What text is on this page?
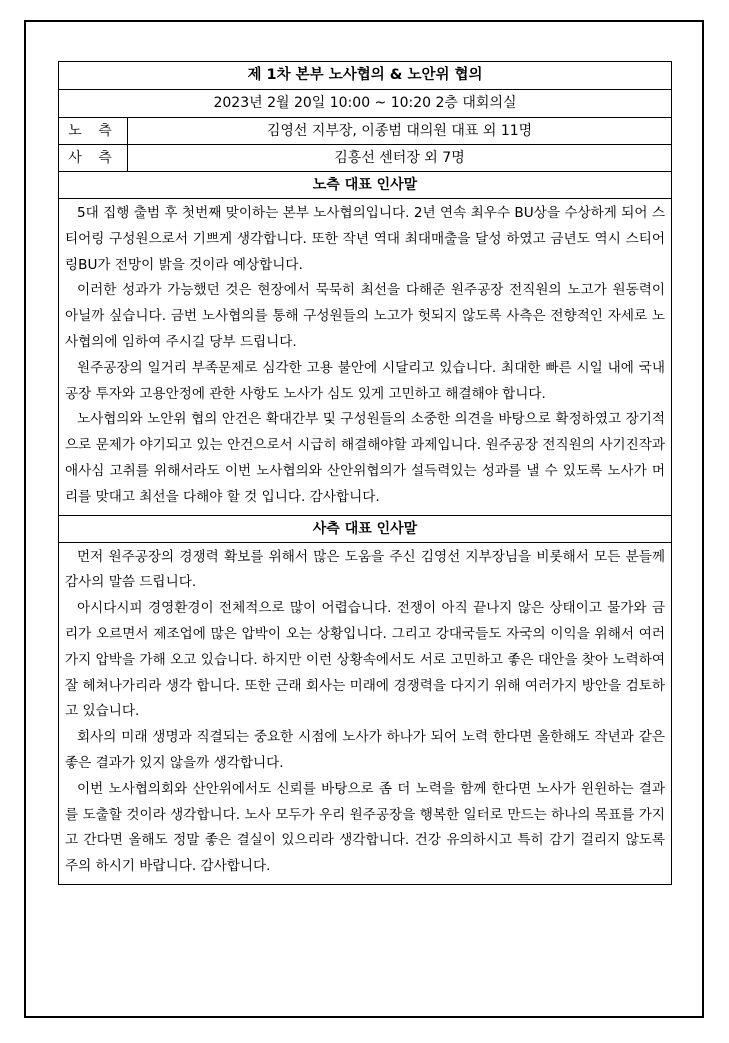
제 1차 본부 노사협의 & 노안위 협의	
2023년 2월 20일 10:00 ~ 10:20 2층 대회의실	
노 측	김영선 지부장, 이종범 대의원 대표 외 11명
사 측	김흥선 센터장 외 7명
노측 대표 인사말	

5대 집행 출범 후 첫번째 맞이하는 본부 노사협의입니다. 2년 연속 최우수 BU상을 수상하게 되어 스티어링 구성원으로서 기쁘게 생각합니다. 또한 작년 역대 최대매출을 달성 하였고 금년도 역시 스티어링BU가 전망이 밝을 것이라 예상합니다.

이러한 성과가 가능했던 것은 현장에서 묵묵히 최선을 다해준 원주공장 전직원의 노고가 원동력이 아닐까 싶습니다. 금번 노사협의를 통해 구성원들의 노고가 헛되지 않도록 사측은 전향적인 자세로 노사협의에 임하여 주시길 당부 드립니다.

원주공장의 일거리 부족문제로 심각한 고용 불안에 시달리고 있습니다. 최대한 빠른 시일 내에 국내공장 투자와 고용안정에 관한 사항도 노사가 심도 있게 고민하고 해결해야 합니다.

노사협의와 노안위 협의 안건은 확대간부 및 구성원들의 소중한 의견을 바탕으로 확정하였고 장기적으로 문제가 야기되고 있는 안건으로서 시급히 해결해야할 과제입니다. 원주공장 전직원의 사기진작과 애사심 고취를 위해서라도 이번 노사협의와 산안위협의가 설득력있는 성과를 낼 수 있도록 노사가 머리를 맞대고 최선을 다해야 할 것 입니다. 감사합니다.	

사측 대표 인사말	

먼저 원주공장의 경쟁력 확보를 위해서 많은 도움을 주신 김영선 지부장님을 비롯해서 모든 분들께 감사의 말씀 드립니다.

아시다시피 경영환경이 전체적으로 많이 어렵습니다. 전쟁이 아직 끝나지 않은 상태이고 물가와 금리가 오르면서 제조업에 많은 압박이 오는 상황입니다. 그리고 강대국들도 자국의 이익을 위해서 여러가지 압박을 가해 오고 있습니다. 하지만 이런 상황속에서도 서로 고민하고 좋은 대안을 찾아 노력하여 잘 헤쳐나가리라 생각 합니다. 또한 근래 회사는 미래에 경쟁력을 다지기 위해 여러가지 방안을 검토하고 있습니다.

회사의 미래 생명과 직결되는 중요한 시점에 노사가 하나가 되어 노력 한다면 올한해도 작년과 같은 좋은 결과가 있지 않을까 생각합니다.

이번 노사협의회와 산안위에서도 신뢰를 바탕으로 좀 더 노력을 함께 한다면 노사가 윈윈하는 결과를 도출할 것이라 생각합니다. 노사 모두가 우리 원주공장을 행복한 일터로 만드는 하나의 목표를 가지고 간다면 올해도 정말 좋은 결실이 있으리라 생각합니다. 건강 유의하시고 특히 감기 걸리지 않도록 주의 하시기 바랍니다. 감사합니다.	
